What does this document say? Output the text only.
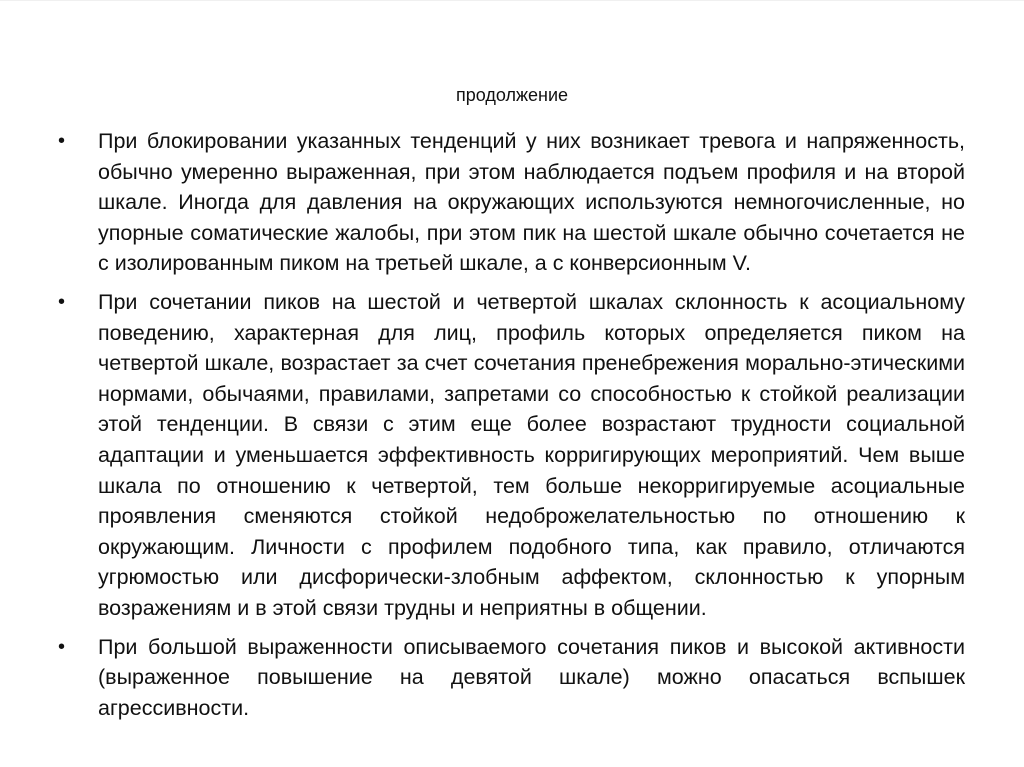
продолжение
• При блокировании указанных тенденций у них возникает тревога и напряженность, обычно умеренно выраженная, при этом наблюдается подъем профиля и на второй шкале. Иногда для давления на окружающих используются немногочисленные, но упорные соматические жалобы, при этом пик на шестой шкале обычно сочетается не с изолированным пиком на третьей шкале, а с конверсионным V.
• При сочетании пиков на шестой и четвертой шкалах склонность к асоциальному поведению, характерная для лиц, профиль которых определяется пиком на четвертой шкале, возрастает за счет сочетания пренебрежения морально-этическими нормами, обычаями, правилами, запретами со способностью к стойкой реализации этой тенденции. В связи с этим еще более возрастают трудности социальной адаптации и уменьшается эффективность корригирующих мероприятий. Чем выше шкала по отношению к четвертой, тем больше некорригируемые асоциальные проявления сменяются стойкой недоброжелательностью по отношению к окружающим. Личности с профилем подобного типа, как правило, отличаются угрюмостью или дисфорически-злобным аффектом, склонностью к упорным возражениям и в этой связи трудны и неприятны в общении.
• При большой выраженности описываемого сочетания пиков и высокой активности (выраженное повышение на девятой шкале) можно опасаться вспышек агрессивности.
